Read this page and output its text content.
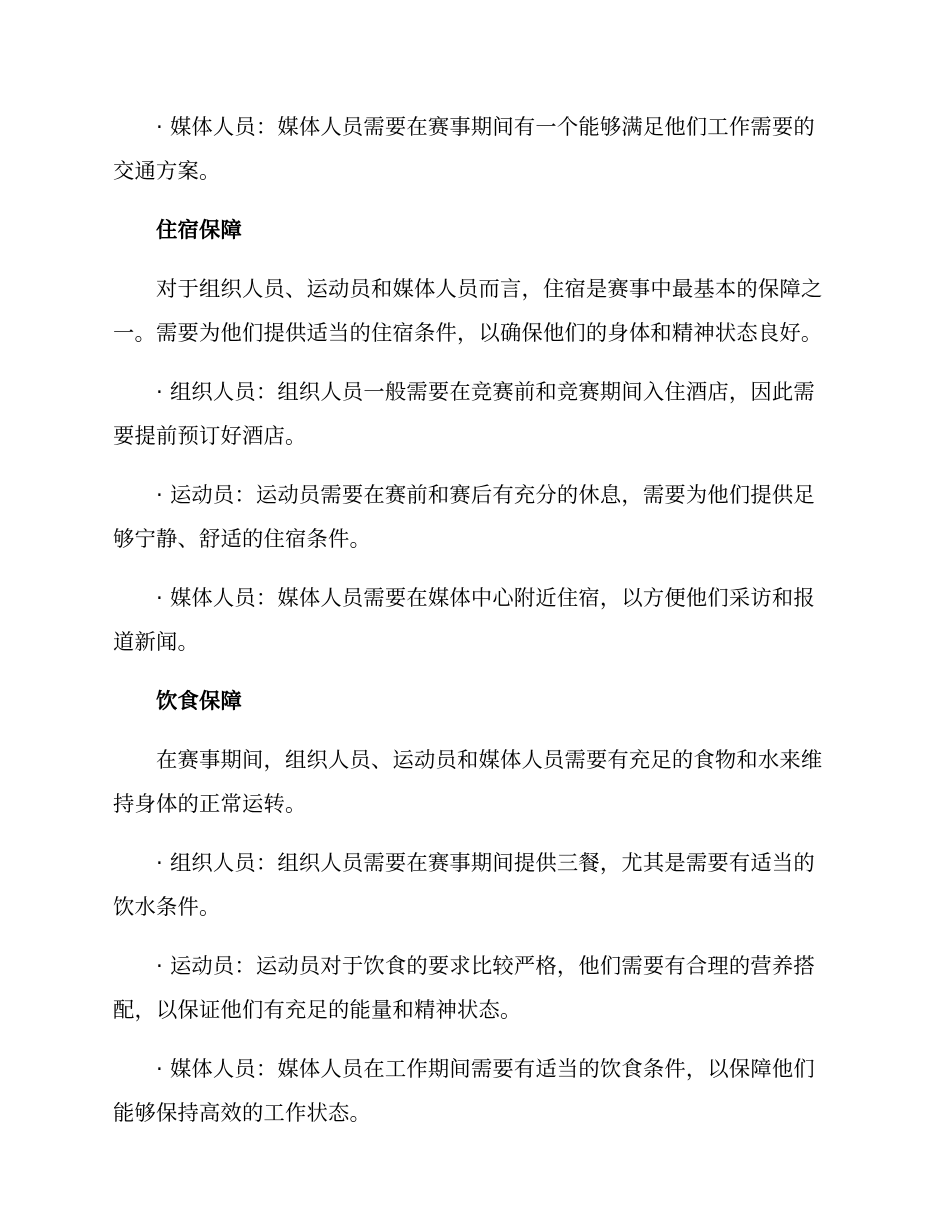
· 媒体人员：媒体人员需要在赛事期间有一个能够满足他们工作需要的交通方案。

住宿保障

对于组织人员、运动员和媒体人员而言，住宿是赛事中最基本的保障之一。需要为他们提供适当的住宿条件，以确保他们的身体和精神状态良好。

· 组织人员：组织人员一般需要在竞赛前和竞赛期间入住酒店，因此需要提前预订好酒店。

· 运动员：运动员需要在赛前和赛后有充分的休息，需要为他们提供足够宁静、舒适的住宿条件。

· 媒体人员：媒体人员需要在媒体中心附近住宿，以方便他们采访和报道新闻。

饮食保障

在赛事期间，组织人员、运动员和媒体人员需要有充足的食物和水来维持身体的正常运转。

· 组织人员：组织人员需要在赛事期间提供三餐，尤其是需要有适当的饮水条件。

· 运动员：运动员对于饮食的要求比较严格，他们需要有合理的营养搭配，以保证他们有充足的能量和精神状态。

· 媒体人员：媒体人员在工作期间需要有适当的饮食条件，以保障他们能够保持高效的工作状态。
